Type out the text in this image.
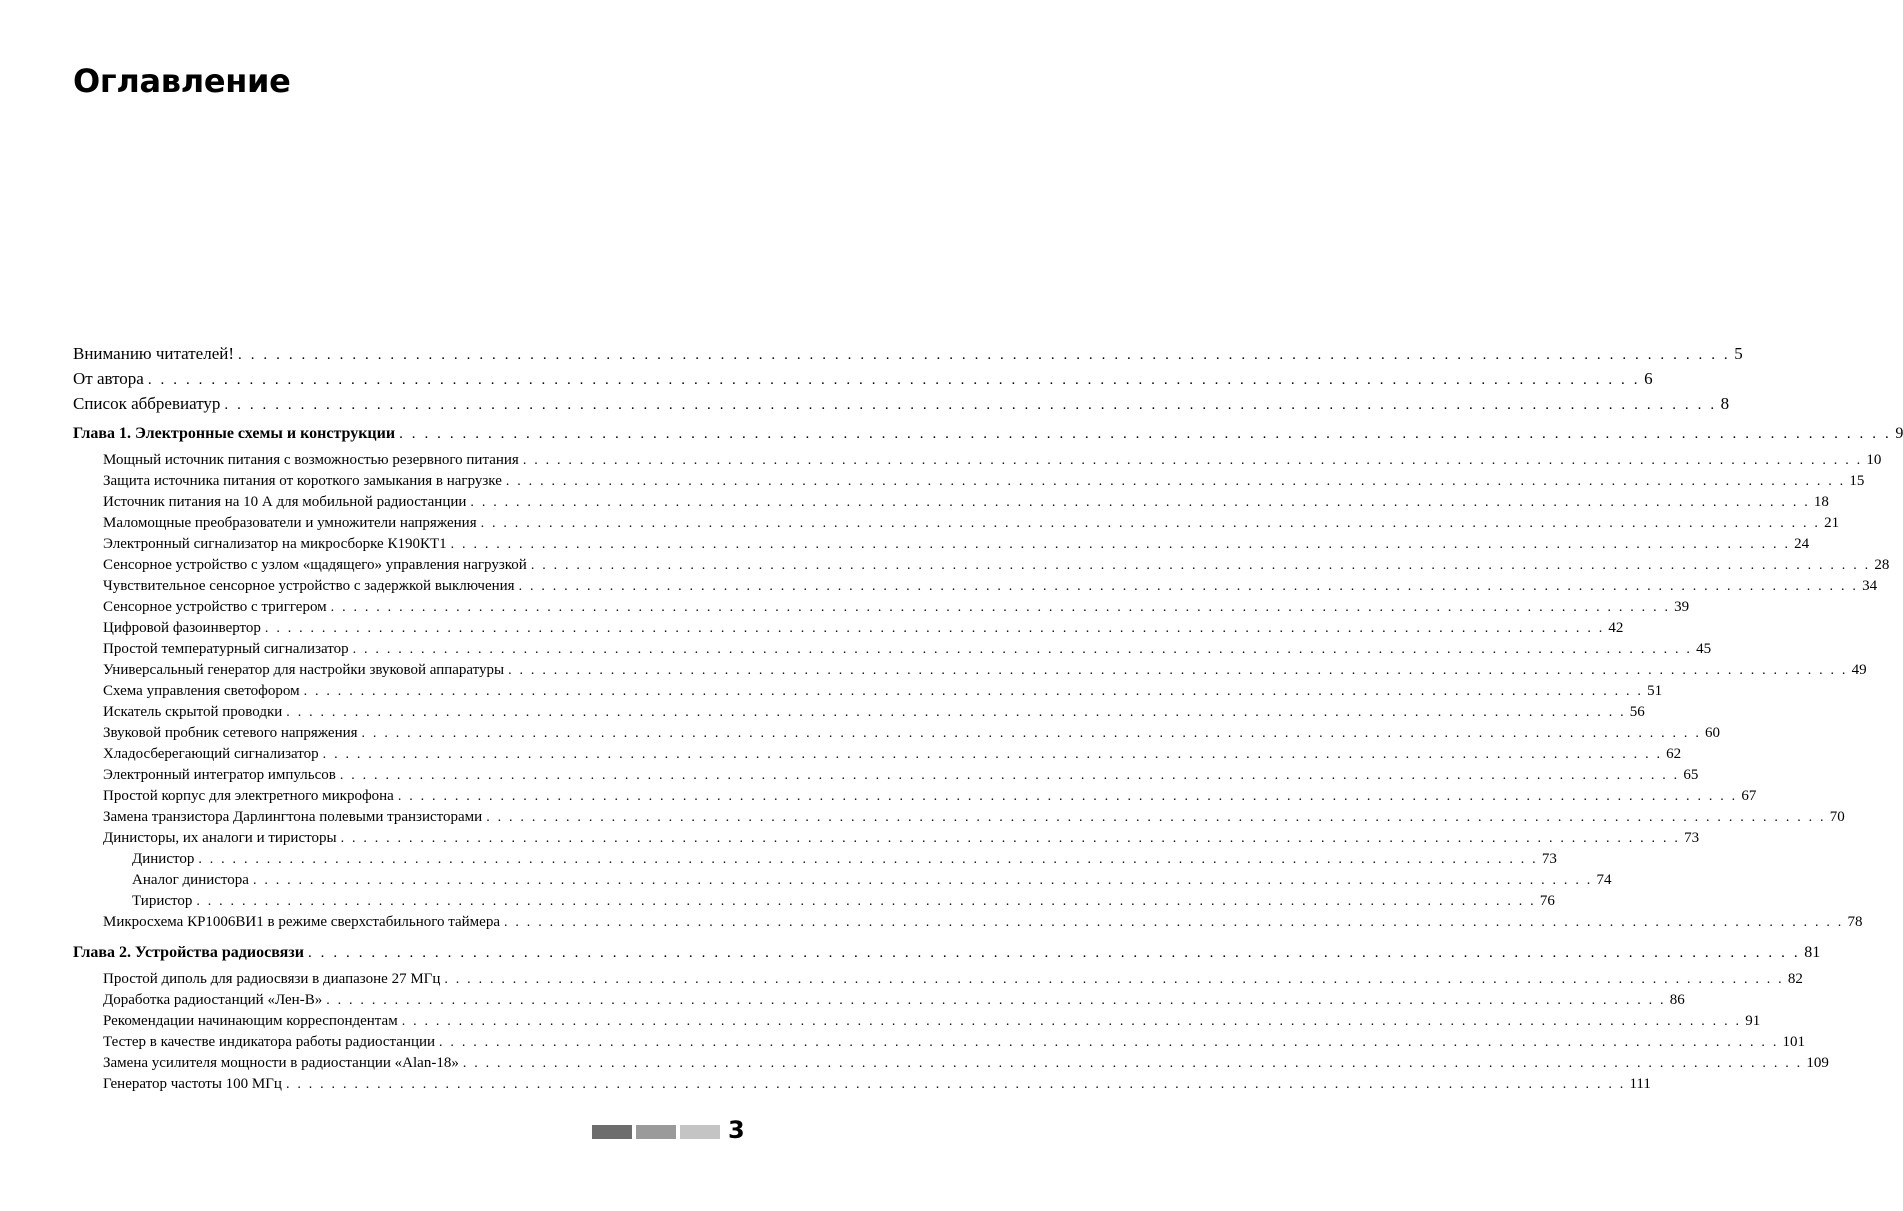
Оглавление
Вниманию читателей! . . . . . . . . . . . . . . . . . . . . . . . . . . . . . . . . . . . . . . . . . . . . . . . . . . . . . . . . . . . . . . . . . . . . . . . . . . . . . . . . . . . . . . . . . . . . . . . . . . . . . . . . . . . . . . . . . . . . . . 5
От автора . . . . . . . . . . . . . . . . . . . . . . . . . . . . . . . . . . . . . . . . . . . . . . . . . . . . . . . . . . . . . . . . . . . . . . . . . . . . . . . . . . . . . . . . . . . . . . . . . . . . . . . . . . . . . . . . . . . . . . 6
Список аббревиатур . . . . . . . . . . . . . . . . . . . . . . . . . . . . . . . . . . . . . . . . . . . . . . . . . . . . . . . . . . . . . . . . . . . . . . . . . . . . . . . . . . . . . . . . . . . . . . . . . . . . . . . . . . . . . . . . . . . . . . 8
Глава 1. Электронные схемы и конструкции . . . . . . . . . . . . . . . . . . . . . . . . . . . . . . . . . . . . . . . . . . . . . . . . . . . . . . . . . . . . . . . . . . . . . . . . . . . . . . . . . . . . . . . . . . . . . . . . . . . . . . . . . . . . . . . . . . . . . . 9
Мощный источник питания с возможностью резервного питания . . . . . . . . . . . . . . . . . . . . . . . . . . . . . . . . . . . . . . . . . . . . . . . . . . . . . . . . . . . . . . . . . . . . . . . . . . . . . . . . . . . . . . . . . . . . . . . . . . . . . . . . . . . . . . . . . . . . . . 10
Защита источника питания от короткого замыкания в нагрузке . . . . . . . . . . . . . . . . . . . . . . . . . . . . . . . . . . . . . . . . . . . . . . . . . . . . . . . . . . . . . . . . . . . . . . . . . . . . . . . . . . . . . . . . . . . . . . . . . . . . . . . . . . . . . . . . . . . . . . 15
Источник питания на 10 А для мобильной радиостанции . . . . . . . . . . . . . . . . . . . . . . . . . . . . . . . . . . . . . . . . . . . . . . . . . . . . . . . . . . . . . . . . . . . . . . . . . . . . . . . . . . . . . . . . . . . . . . . . . . . . . . . . . . . . . . . . . . . . . . 18
Маломощные преобразователи и умножители напряжения . . . . . . . . . . . . . . . . . . . . . . . . . . . . . . . . . . . . . . . . . . . . . . . . . . . . . . . . . . . . . . . . . . . . . . . . . . . . . . . . . . . . . . . . . . . . . . . . . . . . . . . . . . . . . . . . . . . . . . 21
Электронный сигнализатор на микросборке К190КТ1 . . . . . . . . . . . . . . . . . . . . . . . . . . . . . . . . . . . . . . . . . . . . . . . . . . . . . . . . . . . . . . . . . . . . . . . . . . . . . . . . . . . . . . . . . . . . . . . . . . . . . . . . . . . . . . . . . . . . . . 24
Сенсорное устройство с узлом «щадящего» управления нагрузкой . . . . . . . . . . . . . . . . . . . . . . . . . . . . . . . . . . . . . . . . . . . . . . . . . . . . . . . . . . . . . . . . . . . . . . . . . . . . . . . . . . . . . . . . . . . . . . . . . . . . . . . . . . . . . . . . . . . . . . 28
Чувствительное сенсорное устройство с задержкой выключения . . . . . . . . . . . . . . . . . . . . . . . . . . . . . . . . . . . . . . . . . . . . . . . . . . . . . . . . . . . . . . . . . . . . . . . . . . . . . . . . . . . . . . . . . . . . . . . . . . . . . . . . . . . . . . . . . . . . . . 34
Сенсорное устройство с триггером . . . . . . . . . . . . . . . . . . . . . . . . . . . . . . . . . . . . . . . . . . . . . . . . . . . . . . . . . . . . . . . . . . . . . . . . . . . . . . . . . . . . . . . . . . . . . . . . . . . . . . . . . . . . . . . . . . . . . . 39
Цифровой фазоинвертор . . . . . . . . . . . . . . . . . . . . . . . . . . . . . . . . . . . . . . . . . . . . . . . . . . . . . . . . . . . . . . . . . . . . . . . . . . . . . . . . . . . . . . . . . . . . . . . . . . . . . . . . . . . . . . . . . . . . . . 42
Простой температурный сигнализатор . . . . . . . . . . . . . . . . . . . . . . . . . . . . . . . . . . . . . . . . . . . . . . . . . . . . . . . . . . . . . . . . . . . . . . . . . . . . . . . . . . . . . . . . . . . . . . . . . . . . . . . . . . . . . . . . . . . . . . 45
Универсальный генератор для настройки звуковой аппаратуры . . . . . . . . . . . . . . . . . . . . . . . . . . . . . . . . . . . . . . . . . . . . . . . . . . . . . . . . . . . . . . . . . . . . . . . . . . . . . . . . . . . . . . . . . . . . . . . . . . . . . . . . . . . . . . . . . . . . . . 49
Схема управления светофором . . . . . . . . . . . . . . . . . . . . . . . . . . . . . . . . . . . . . . . . . . . . . . . . . . . . . . . . . . . . . . . . . . . . . . . . . . . . . . . . . . . . . . . . . . . . . . . . . . . . . . . . . . . . . . . . . . . . . . 51
Искатель скрытой проводки . . . . . . . . . . . . . . . . . . . . . . . . . . . . . . . . . . . . . . . . . . . . . . . . . . . . . . . . . . . . . . . . . . . . . . . . . . . . . . . . . . . . . . . . . . . . . . . . . . . . . . . . . . . . . . . . . . . . . . 56
Звуковой пробник сетевого напряжения . . . . . . . . . . . . . . . . . . . . . . . . . . . . . . . . . . . . . . . . . . . . . . . . . . . . . . . . . . . . . . . . . . . . . . . . . . . . . . . . . . . . . . . . . . . . . . . . . . . . . . . . . . . . . . . . . . . . . . 60
Хладосберегающий сигнализатор . . . . . . . . . . . . . . . . . . . . . . . . . . . . . . . . . . . . . . . . . . . . . . . . . . . . . . . . . . . . . . . . . . . . . . . . . . . . . . . . . . . . . . . . . . . . . . . . . . . . . . . . . . . . . . . . . . . . . . 62
Электронный интегратор импульсов . . . . . . . . . . . . . . . . . . . . . . . . . . . . . . . . . . . . . . . . . . . . . . . . . . . . . . . . . . . . . . . . . . . . . . . . . . . . . . . . . . . . . . . . . . . . . . . . . . . . . . . . . . . . . . . . . . . . . . 65
Простой корпус для электретного микрофона . . . . . . . . . . . . . . . . . . . . . . . . . . . . . . . . . . . . . . . . . . . . . . . . . . . . . . . . . . . . . . . . . . . . . . . . . . . . . . . . . . . . . . . . . . . . . . . . . . . . . . . . . . . . . . . . . . . . . . 67
Замена транзистора Дарлингтона полевыми транзисторами . . . . . . . . . . . . . . . . . . . . . . . . . . . . . . . . . . . . . . . . . . . . . . . . . . . . . . . . . . . . . . . . . . . . . . . . . . . . . . . . . . . . . . . . . . . . . . . . . . . . . . . . . . . . . . . . . . . . . . 70
Динисторы, их аналоги и тиристоры . . . . . . . . . . . . . . . . . . . . . . . . . . . . . . . . . . . . . . . . . . . . . . . . . . . . . . . . . . . . . . . . . . . . . . . . . . . . . . . . . . . . . . . . . . . . . . . . . . . . . . . . . . . . . . . . . . . . . . 73
Динистор . . . . . . . . . . . . . . . . . . . . . . . . . . . . . . . . . . . . . . . . . . . . . . . . . . . . . . . . . . . . . . . . . . . . . . . . . . . . . . . . . . . . . . . . . . . . . . . . . . . . . . . . . . . . . . . . . . . . . . 73
Аналог динистора . . . . . . . . . . . . . . . . . . . . . . . . . . . . . . . . . . . . . . . . . . . . . . . . . . . . . . . . . . . . . . . . . . . . . . . . . . . . . . . . . . . . . . . . . . . . . . . . . . . . . . . . . . . . . . . . . . . . . . 74
Тиристор . . . . . . . . . . . . . . . . . . . . . . . . . . . . . . . . . . . . . . . . . . . . . . . . . . . . . . . . . . . . . . . . . . . . . . . . . . . . . . . . . . . . . . . . . . . . . . . . . . . . . . . . . . . . . . . . . . . . . . 76
Микросхема КР1006ВИ1 в режиме сверхстабильного таймера . . . . . . . . . . . . . . . . . . . . . . . . . . . . . . . . . . . . . . . . . . . . . . . . . . . . . . . . . . . . . . . . . . . . . . . . . . . . . . . . . . . . . . . . . . . . . . . . . . . . . . . . . . . . . . . . . . . . . . 78
Глава 2. Устройства радиосвязи . . . . . . . . . . . . . . . . . . . . . . . . . . . . . . . . . . . . . . . . . . . . . . . . . . . . . . . . . . . . . . . . . . . . . . . . . . . . . . . . . . . . . . . . . . . . . . . . . . . . . . . . . . . . . . . . . . . . . . 81
Простой диполь для радиосвязи в диапазоне 27 МГц . . . . . . . . . . . . . . . . . . . . . . . . . . . . . . . . . . . . . . . . . . . . . . . . . . . . . . . . . . . . . . . . . . . . . . . . . . . . . . . . . . . . . . . . . . . . . . . . . . . . . . . . . . . . . . . . . . . . . . 82
Доработка радиостанций «Лен-В» . . . . . . . . . . . . . . . . . . . . . . . . . . . . . . . . . . . . . . . . . . . . . . . . . . . . . . . . . . . . . . . . . . . . . . . . . . . . . . . . . . . . . . . . . . . . . . . . . . . . . . . . . . . . . . . . . . . . . . 86
Рекомендации начинающим корреспондентам . . . . . . . . . . . . . . . . . . . . . . . . . . . . . . . . . . . . . . . . . . . . . . . . . . . . . . . . . . . . . . . . . . . . . . . . . . . . . . . . . . . . . . . . . . . . . . . . . . . . . . . . . . . . . . . . . . . . . . 91
Тестер в качестве индикатора работы радиостанции . . . . . . . . . . . . . . . . . . . . . . . . . . . . . . . . . . . . . . . . . . . . . . . . . . . . . . . . . . . . . . . . . . . . . . . . . . . . . . . . . . . . . . . . . . . . . . . . . . . . . . . . . . . . . . . . . . . . . . 101
Замена усилителя мощности в радиостанции «Alan-18» . . . . . . . . . . . . . . . . . . . . . . . . . . . . . . . . . . . . . . . . . . . . . . . . . . . . . . . . . . . . . . . . . . . . . . . . . . . . . . . . . . . . . . . . . . . . . . . . . . . . . . . . . . . . . . . . . . . . . . 109
Генератор частоты 100 МГц . . . . . . . . . . . . . . . . . . . . . . . . . . . . . . . . . . . . . . . . . . . . . . . . . . . . . . . . . . . . . . . . . . . . . . . . . . . . . . . . . . . . . . . . . . . . . . . . . . . . . . . . . . . . . . . . . . . . . . 111
3
